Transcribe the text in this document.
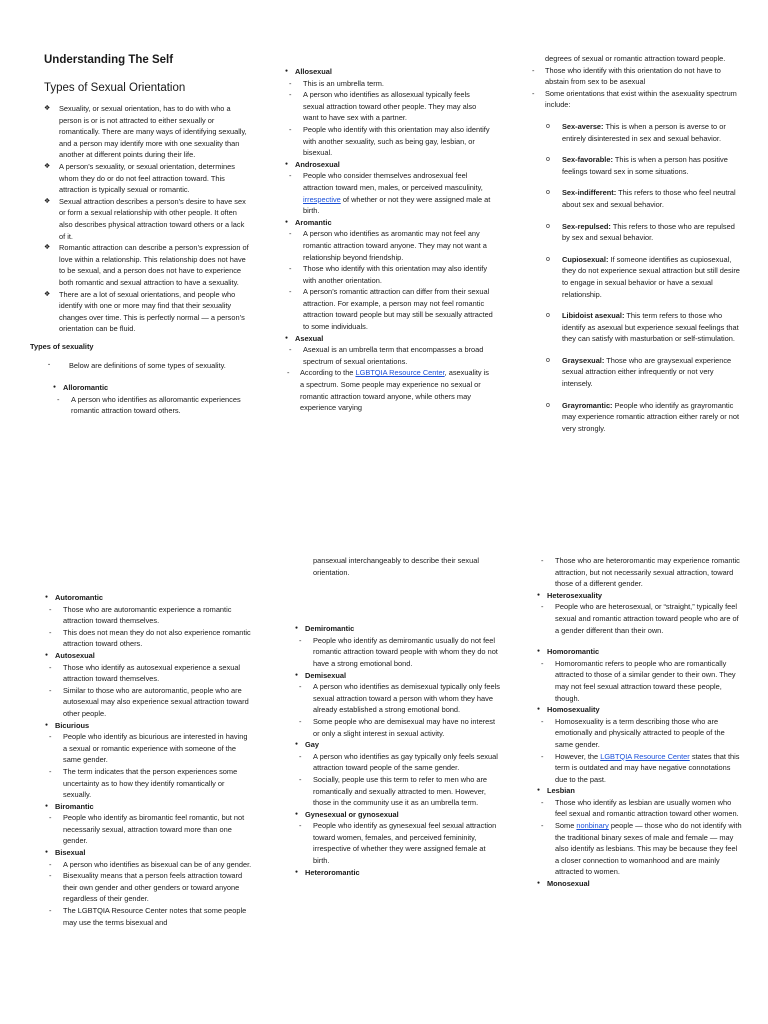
Understanding The Self
Types of Sexual Orientation
❖ Sexuality, or sexual orientation, has to do with who a person is or is not attracted to either sexually or romantically. There are many ways of identifying sexually, and a person may identify more with one sexuality than another at different points during their life.
❖ A person’s sexuality, or sexual orientation, determines whom they do or do not feel attraction toward. This attraction is typically sexual or romantic.
❖ Sexual attraction describes a person’s desire to have sex or form a sexual relationship with other people. It often also describes physical attraction toward others or a lack of it.
❖ Romantic attraction can describe a person’s expression of love within a relationship. This relationship does not have to be sexual, and a person does not have to experience both romantic and sexual attraction to have a sexuality.
❖ There are a lot of sexual orientations, and people who identify with one or more may find that their sexuality changes over time. This is perfectly normal — a person’s orientation can be fluid.
Types of sexuality
· Below are definitions of some types of sexuality.
● Alloromantic
- A person who identifies as alloromantic experiences romantic attraction toward others.
● Allosexual
- This is an umbrella term.
- A person who identifies as allosexual typically feels sexual attraction toward other people. They may also want to have sex with a partner.
- People who identify with this orientation may also identify with another sexuality, such as being gay, lesbian, or bisexual.
● Androsexual
- People who consider themselves androsexual feel attraction toward men, males, or perceived masculinity, irrespective of whether or not they were assigned male at birth.
● Aromantic
- A person who identifies as aromantic may not feel any romantic attraction toward anyone. They may not want a relationship beyond friendship.
- Those who identify with this orientation may also identify with another orientation.
- A person’s romantic attraction can differ from their sexual attraction. For example, a person may not feel romantic attraction toward people but may still be sexually attracted to some individuals.
● Asexual
- Asexual is an umbrella term that encompasses a broad spectrum of sexual orientations.
- According to the LGBTQIA Resource Center, asexuality is a spectrum. Some people may experience no sexual or romantic attraction toward anyone, while others may experience varying
degrees of sexual or romantic attraction toward people.
- Those who identify with this orientation do not have to abstain from sex to be asexual
- Some orientations that exist within the asexuality spectrum include:
o Sex-averse: This is when a person is averse to or entirely disinterested in sex and sexual behavior.
o Sex-favorable: This is when a person has positive feelings toward sex in some situations.
o Sex-indifferent: This refers to those who feel neutral about sex and sexual behavior.
o Sex-repulsed: This refers to those who are repulsed by sex and sexual behavior.
o Cupiosexual: If someone identifies as cupiosexual, they do not experience sexual attraction but still desire to engage in sexual behavior or have a sexual relationship.
o Libidoist asexual: This term refers to those who identify as asexual but experience sexual feelings that they can satisfy with masturbation or self-stimulation.
o Graysexual: Those who are graysexual experience sexual attraction either infrequently or not very intensely.
o Grayromantic: People who identify as grayromantic may experience romantic attraction either rarely or not very strongly.
● Autoromantic
- Those who are autoromantic experience a romantic attraction toward themselves.
- This does not mean they do not also experience romantic attraction toward others.
● Autosexual
- Those who identify as autosexual experience a sexual attraction toward themselves.
- Similar to those who are autoromantic, people who are autosexual may also experience sexual attraction toward other people.
● Bicurious
- People who identify as bicurious are interested in having a sexual or romantic experience with someone of the same gender.
- The term indicates that the person experiences some uncertainty as to how they identify romantically or sexually.
● Biromantic
- People who identify as biromantic feel romantic, but not necessarily sexual, attraction toward more than one gender.
● Bisexual
- A person who identifies as bisexual can be of any gender.
- Bisexuality means that a person feels attraction toward their own gender and other genders or toward anyone regardless of their gender.
- The LGBTQIA Resource Center notes that some people may use the terms bisexual and
pansexual interchangeably to describe their sexual orientation.
● Demiromantic
- People who identify as demiromantic usually do not feel romantic attraction toward people with whom they do not have a strong emotional bond.
● Demisexual
- A person who identifies as demisexual typically only feels sexual attraction toward a person with whom they have already established a strong emotional bond.
- Some people who are demisexual may have no interest or only a slight interest in sexual activity.
● Gay
- A person who identifies as gay typically only feels sexual attraction toward people of the same gender.
- Socially, people use this term to refer to men who are romantically and sexually attracted to men. However, those in the community use it as an umbrella term.
● Gynesexual or gynosexual
- People who identify as gynesexual feel sexual attraction toward women, females, and perceived femininity, irrespective of whether they were assigned female at birth.
● Heteroromantic
- Those who are heteroromantic may experience romantic attraction, but not necessarily sexual attraction, toward those of a different gender.
● Heterosexuality
- People who are heterosexual, or “straight,” typically feel sexual and romantic attraction toward people who are of a gender different than their own.
● Homoromantic
- Homoromantic refers to people who are romantically attracted to those of a similar gender to their own. They may not feel sexual attraction toward these people, though.
● Homosexuality
- Homosexuality is a term describing those who are emotionally and physically attracted to people of the same gender.
- However, the LGBTQIA Resource Center states that this term is outdated and may have negative connotations due to the past.
● Lesbian
- Those who identify as lesbian are usually women who feel sexual and romantic attraction toward other women.
- Some nonbinary people — those who do not identify with the traditional binary sexes of male and female — may also identify as lesbians. This may be because they feel a closer connection to womanhood and are mainly attracted to women.
● Monosexual
